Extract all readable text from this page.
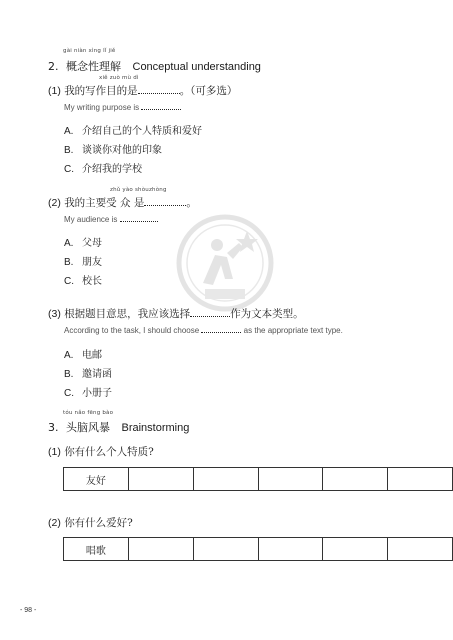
gài niàn xìng lǐ jiě
2. 概念性理解 Conceptual understanding
xiě zuò mù dì
(1) 我的写作目的是	。（可多选）
My writing purpose is
A. 介绍自己的个人特质和爱好
B. 谈谈你对他的印象
C. 介绍我的学校
zhǔ yào shòuzhòng
(2) 我的主要受 众 是	。
My audience is
A. 父母
B. 朋友
C. 校长
(3) 根据题目意思，我应该选择	作为文本类型。
According to the task, I should choose	as the appropriate text type.
A. 电邮
B. 邀请函
C. 小册子
tóu nǎo fēng bào
3. 头脑风暴 Brainstorming
(1) 你有什么个人特质?
友好					
(2) 你有什么爱好?
唱歌					
- 98 -
